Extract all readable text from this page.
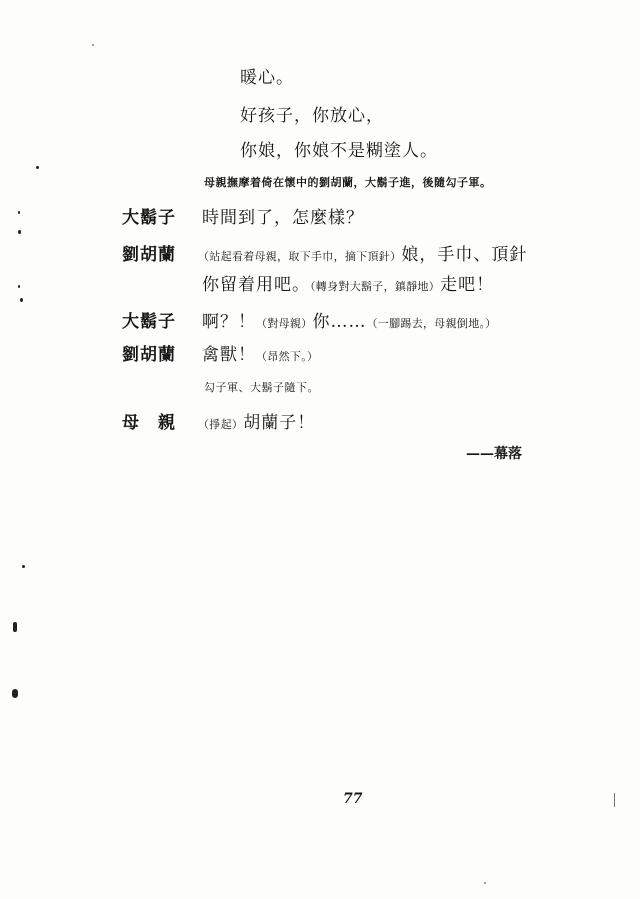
暖心。
好孩子，你放心，
你娘，你娘不是糊塗人。
母親撫摩着倚在懷中的劉胡蘭，大鬍子進，後隨勾子軍。
大鬍子 時間到了，怎麼樣？
劉胡蘭 （站起看着母親，取下手巾，摘下頂針）娘，手巾、頂針
你留着用吧。（轉身對大鬍子，鎮靜地）走吧！
大鬍子 啊？！（對母親）你……（一腳踢去，母親倒地。）
劉胡蘭 禽獸！（昂然下。）
勾子軍、大鬍子隨下。
母　親 （掙起）胡蘭子！
——幕落
77
